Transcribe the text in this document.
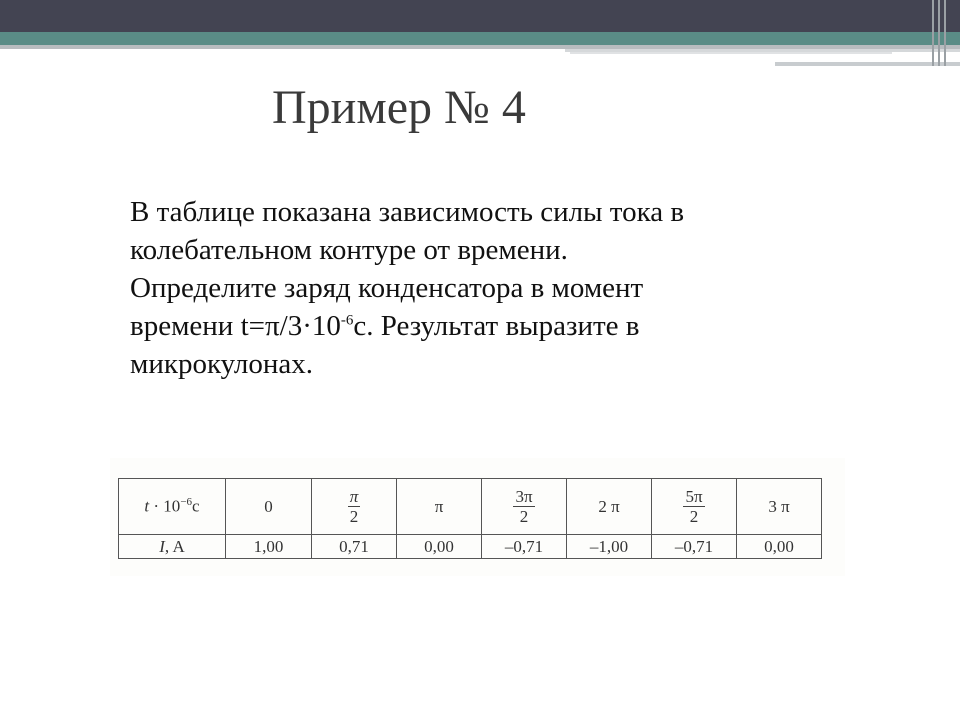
Пример № 4
В таблице показана зависимость силы тока в
колебательном контуре от времени.
Определите заряд конденсатора в момент
времени $t=\pi/3\cdot 10^{-6}с$. Результат выразите в
микрокулонах.
$t \cdot 10^{-6}c$	0	$\frac{\pi}{2}$	π	$\frac{3\pi}{2}$	2 π	$\frac{5\pi}{2}$	3 π
I, A	1,00	0,71	0,00	–0,71	–1,00	–0,71	0,00
